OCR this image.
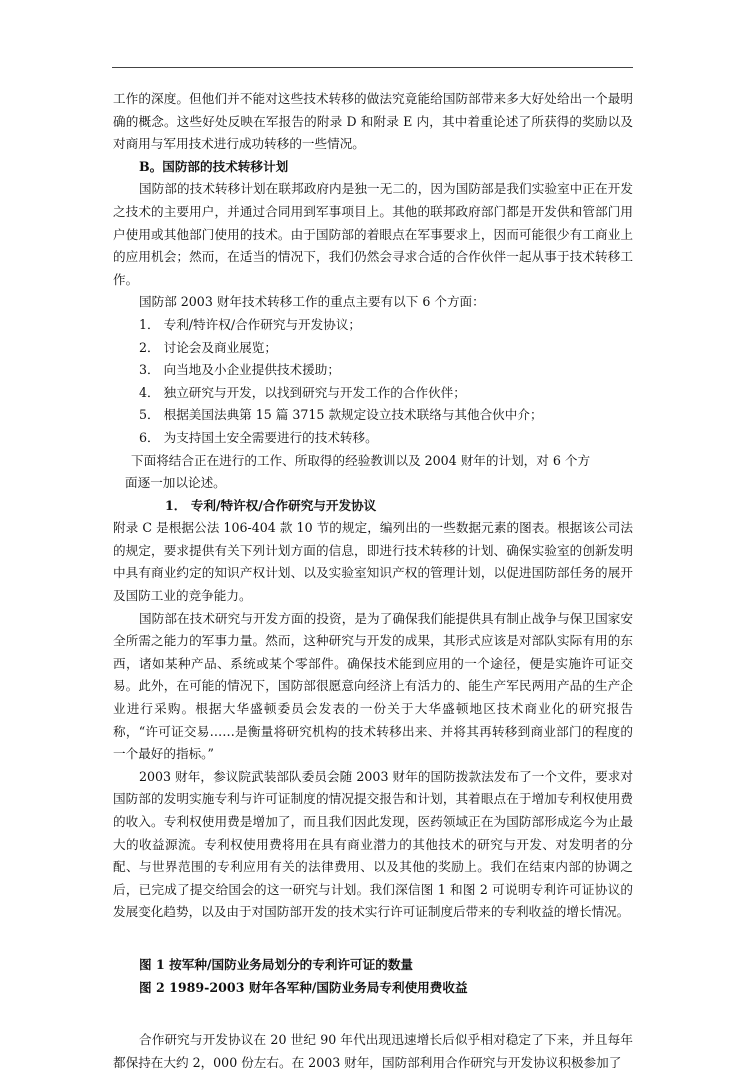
工作的深度。但他们并不能对这些技术转移的做法究竟能给国防部带来多大好处给出一个最明确的概念。这些好处反映在军报告的附录 D 和附录 E 内，其中着重论述了所获得的奖励以及对商用与军用技术进行成功转移的一些情况。

B。国防部的技术转移计划

国防部的技术转移计划在联邦政府内是独一无二的，因为国防部是我们实验室中正在开发之技术的主要用户，并通过合同用到军事项目上。其他的联邦政府部门都是开发供和管部门用户使用或其他部门使用的技术。由于国防部的着眼点在军事要求上，因而可能很少有工商业上的应用机会；然而，在适当的情况下，我们仍然会寻求合适的合作伙伴一起从事于技术转移工作。

国防部 2003 财年技术转移工作的重点主要有以下 6 个方面：

1． 专利/特许权/合作研究与开发协议；

2． 讨论会及商业展览；

3． 向当地及小企业提供技术援助；

4． 独立研究与开发，以找到研究与开发工作的合作伙伴；

5． 根据美国法典第 15 篇 3715 款规定设立技术联络与其他合伙中介；

6． 为支持国土安全需要进行的技术转移。

下面将结合正在进行的工作、所取得的经验教训以及 2004 财年的计划，对 6 个方

面逐一加以论述。

1． 专利/特许权/合作研究与开发协议

附录 C 是根据公法 106-404 款 10 节的规定，编列出的一些数据元素的图表。根据该公司法的规定，要求提供有关下列计划方面的信息，即进行技术转移的计划、确保实验室的创新发明中具有商业约定的知识产权计划、以及实验室知识产权的管理计划，以促进国防部任务的展开及国防工业的竞争能力。

国防部在技术研究与开发方面的投资，是为了确保我们能提供具有制止战争与保卫国家安全所需之能力的军事力量。然而，这种研究与开发的成果，其形式应该是对部队实际有用的东西，诸如某种产品、系统或某个零部件。确保技术能到应用的一个途径，便是实施许可证交易。此外，在可能的情况下，国防部很愿意向经济上有活力的、能生产军民两用产品的生产企业进行采购。根据大华盛顿委员会发表的一份关于大华盛顿地区技术商业化的研究报告称，“许可证交易……是衡量将研究机构的技术转移出来、并将其再转移到商业部门的程度的一个最好的指标。”

2003 财年，参议院武装部队委员会随 2003 财年的国防拨款法发布了一个文件，要求对国防部的发明实施专利与许可证制度的情况提交报告和计划，其着眼点在于增加专利权使用费的收入。专利权使用费是增加了，而且我们因此发现，医药领域正在为国防部形成迄今为止最大的收益源流。专利权使用费将用在具有商业潜力的其他技术的研究与开发、对发明者的分配、与世界范围的专利应用有关的法律费用、以及其他的奖励上。我们在结束内部的协调之后，已完成了提交给国会的这一研究与计划。我们深信图 1 和图 2 可说明专利许可证协议的发展变化趋势，以及由于对国防部开发的技术实行许可证制度后带来的专利收益的增长情况。

图 1 按军种/国防业务局划分的专利许可证的数量

图 2 1989-2003 财年各军种/国防业务局专利使用费收益

合作研究与开发协议在 20 世纪 90 年代出现迅速增长后似乎相对稳定了下来，并且每年都保持在大约 2，000 份左右。在 2003 财年，国防部利用合作研究与开发协议积极参加了
